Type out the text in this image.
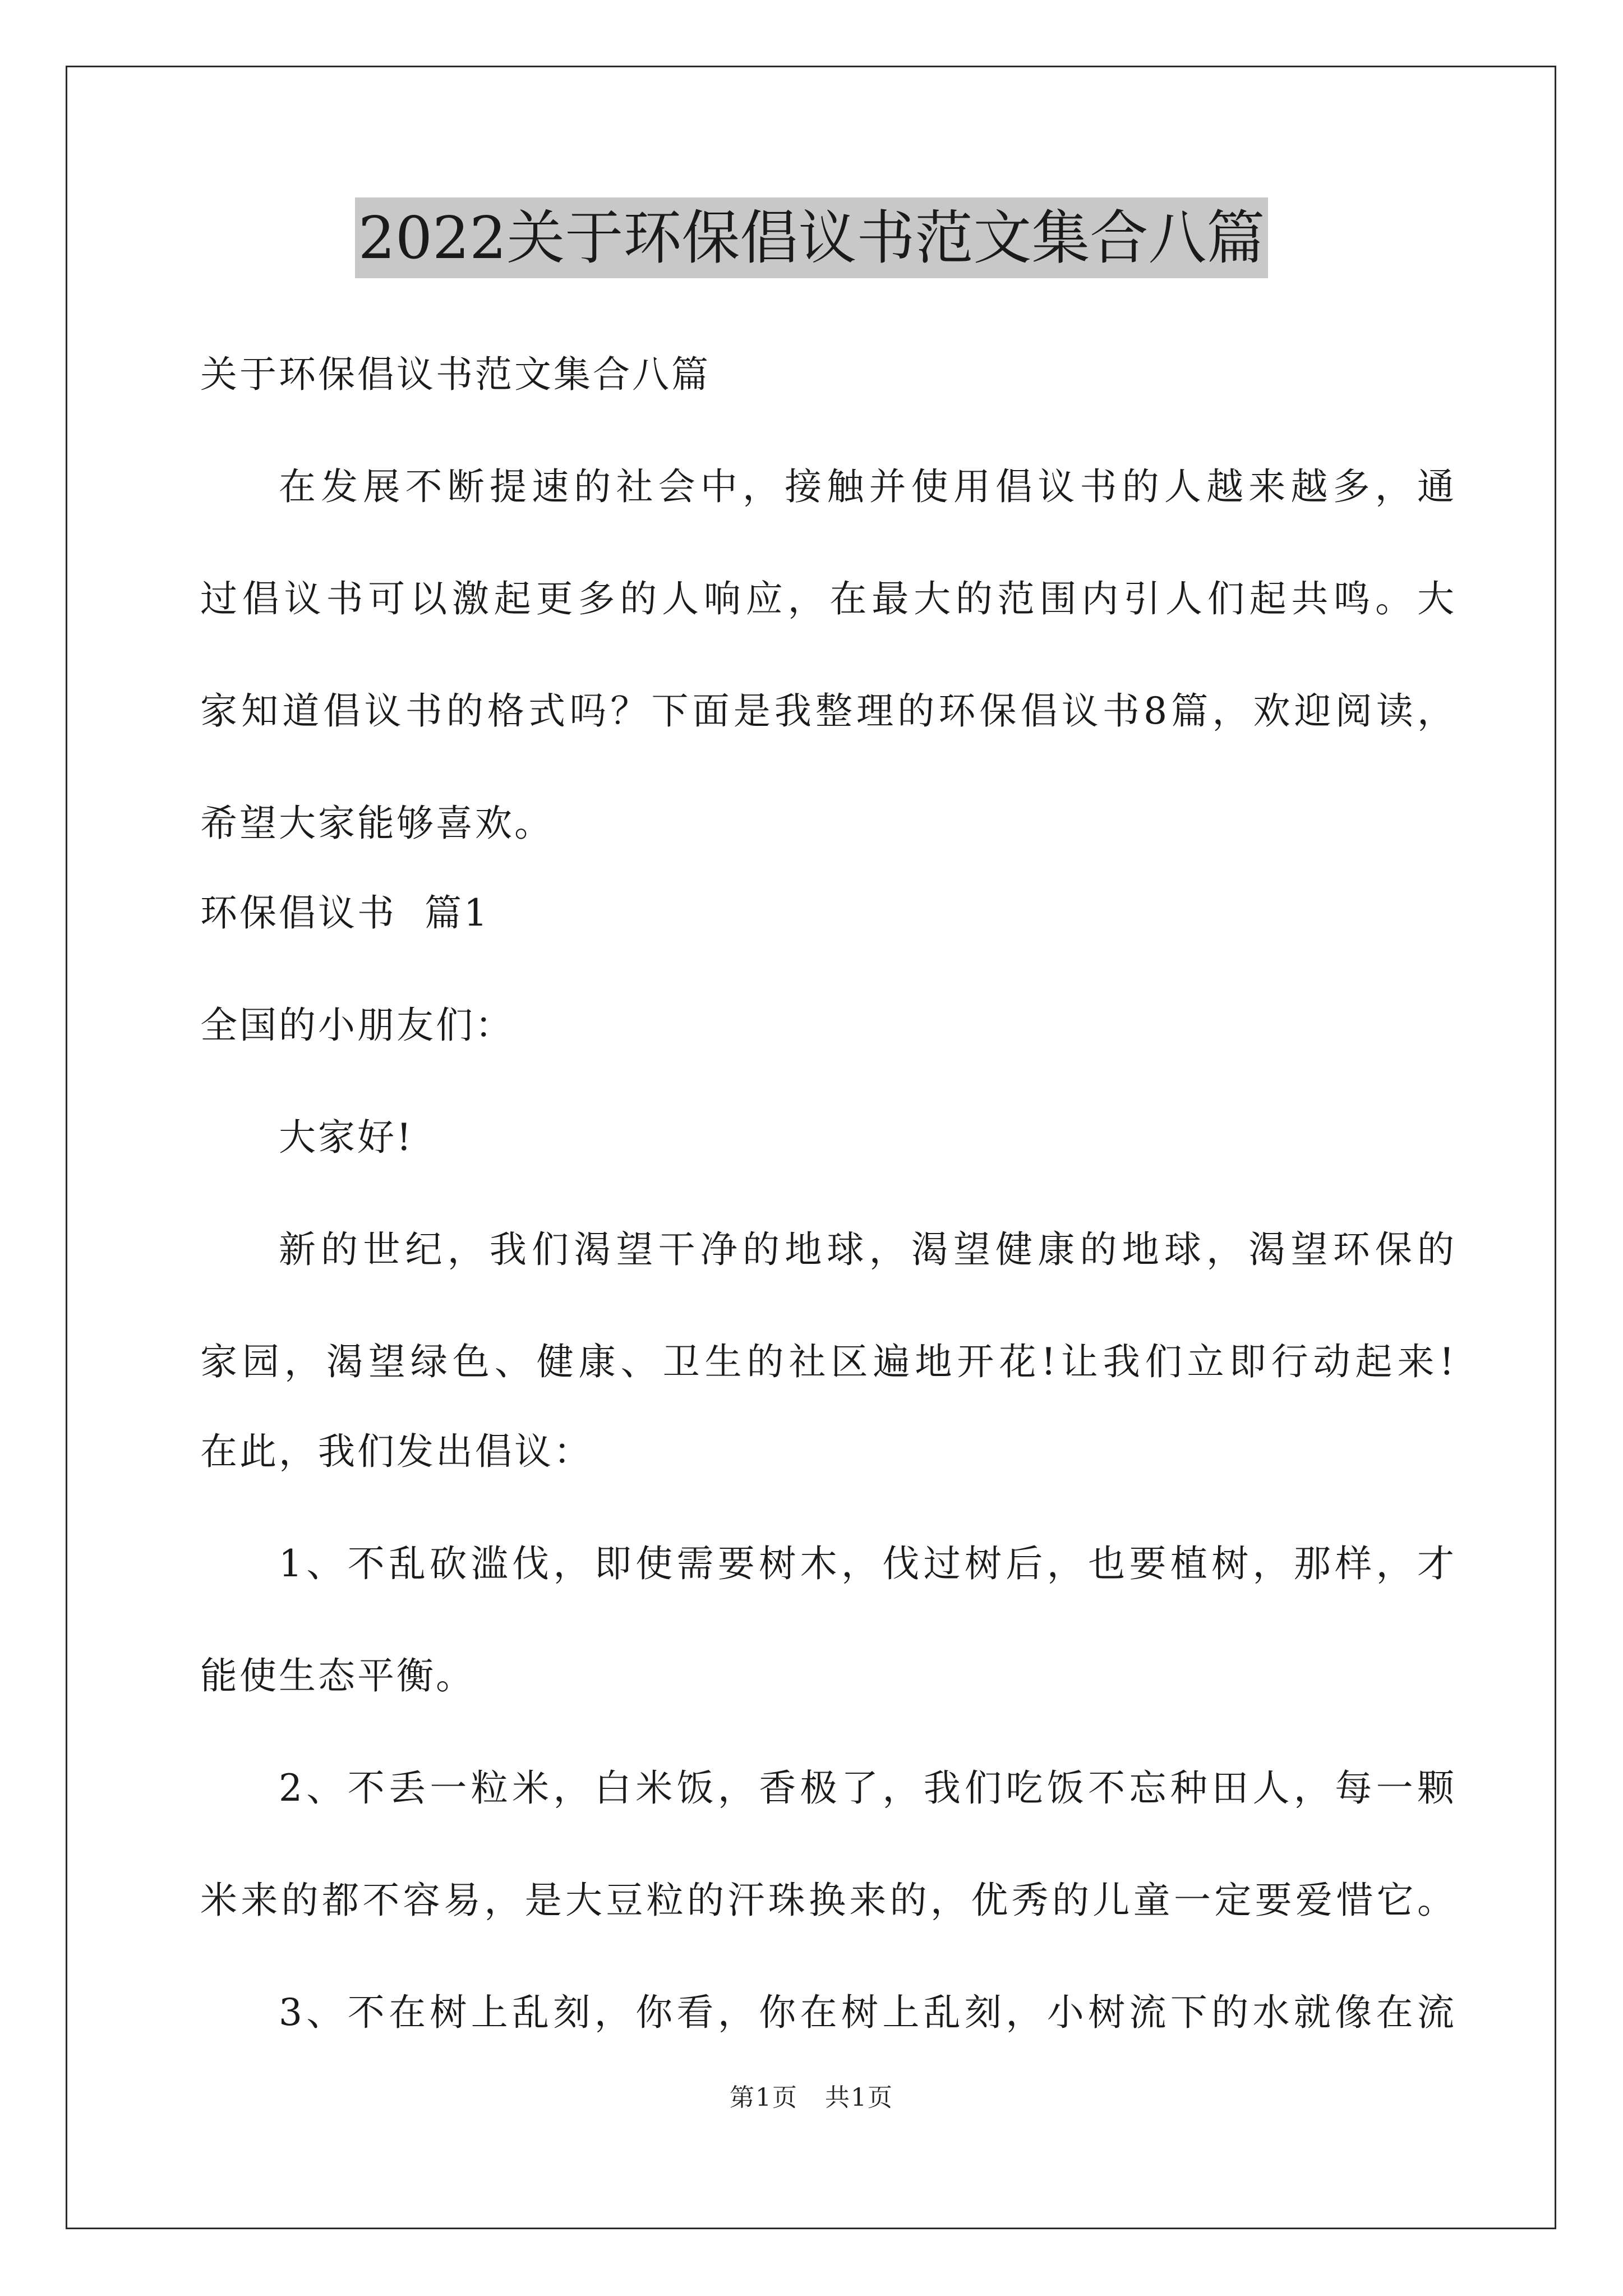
2022关于环保倡议书范文集合八篇
关于环保倡议书范文集合八篇
在发展不断提速的社会中，接触并使用倡议书的人越来越多，通
过倡议书可以激起更多的人响应，在最大的范围内引人们起共鸣。大
家知道倡议书的格式吗？下面是我整理的环保倡议书8篇，欢迎阅读，
希望大家能够喜欢。
环保倡议书  篇1
全国的小朋友们：
大家好!
新的世纪，我们渴望干净的地球，渴望健康的地球，渴望环保的
家园，渴望绿色、健康、卫生的社区遍地开花!让我们立即行动起来!
在此，我们发出倡议：
1、不乱砍滥伐，即使需要树木，伐过树后，也要植树，那样，才
能使生态平衡。
2、不丢一粒米，白米饭，香极了，我们吃饭不忘种田人，每一颗
米来的都不容易，是大豆粒的汗珠换来的，优秀的儿童一定要爱惜它。
3、不在树上乱刻，你看，你在树上乱刻，小树流下的水就像在流
第1页   共1页
